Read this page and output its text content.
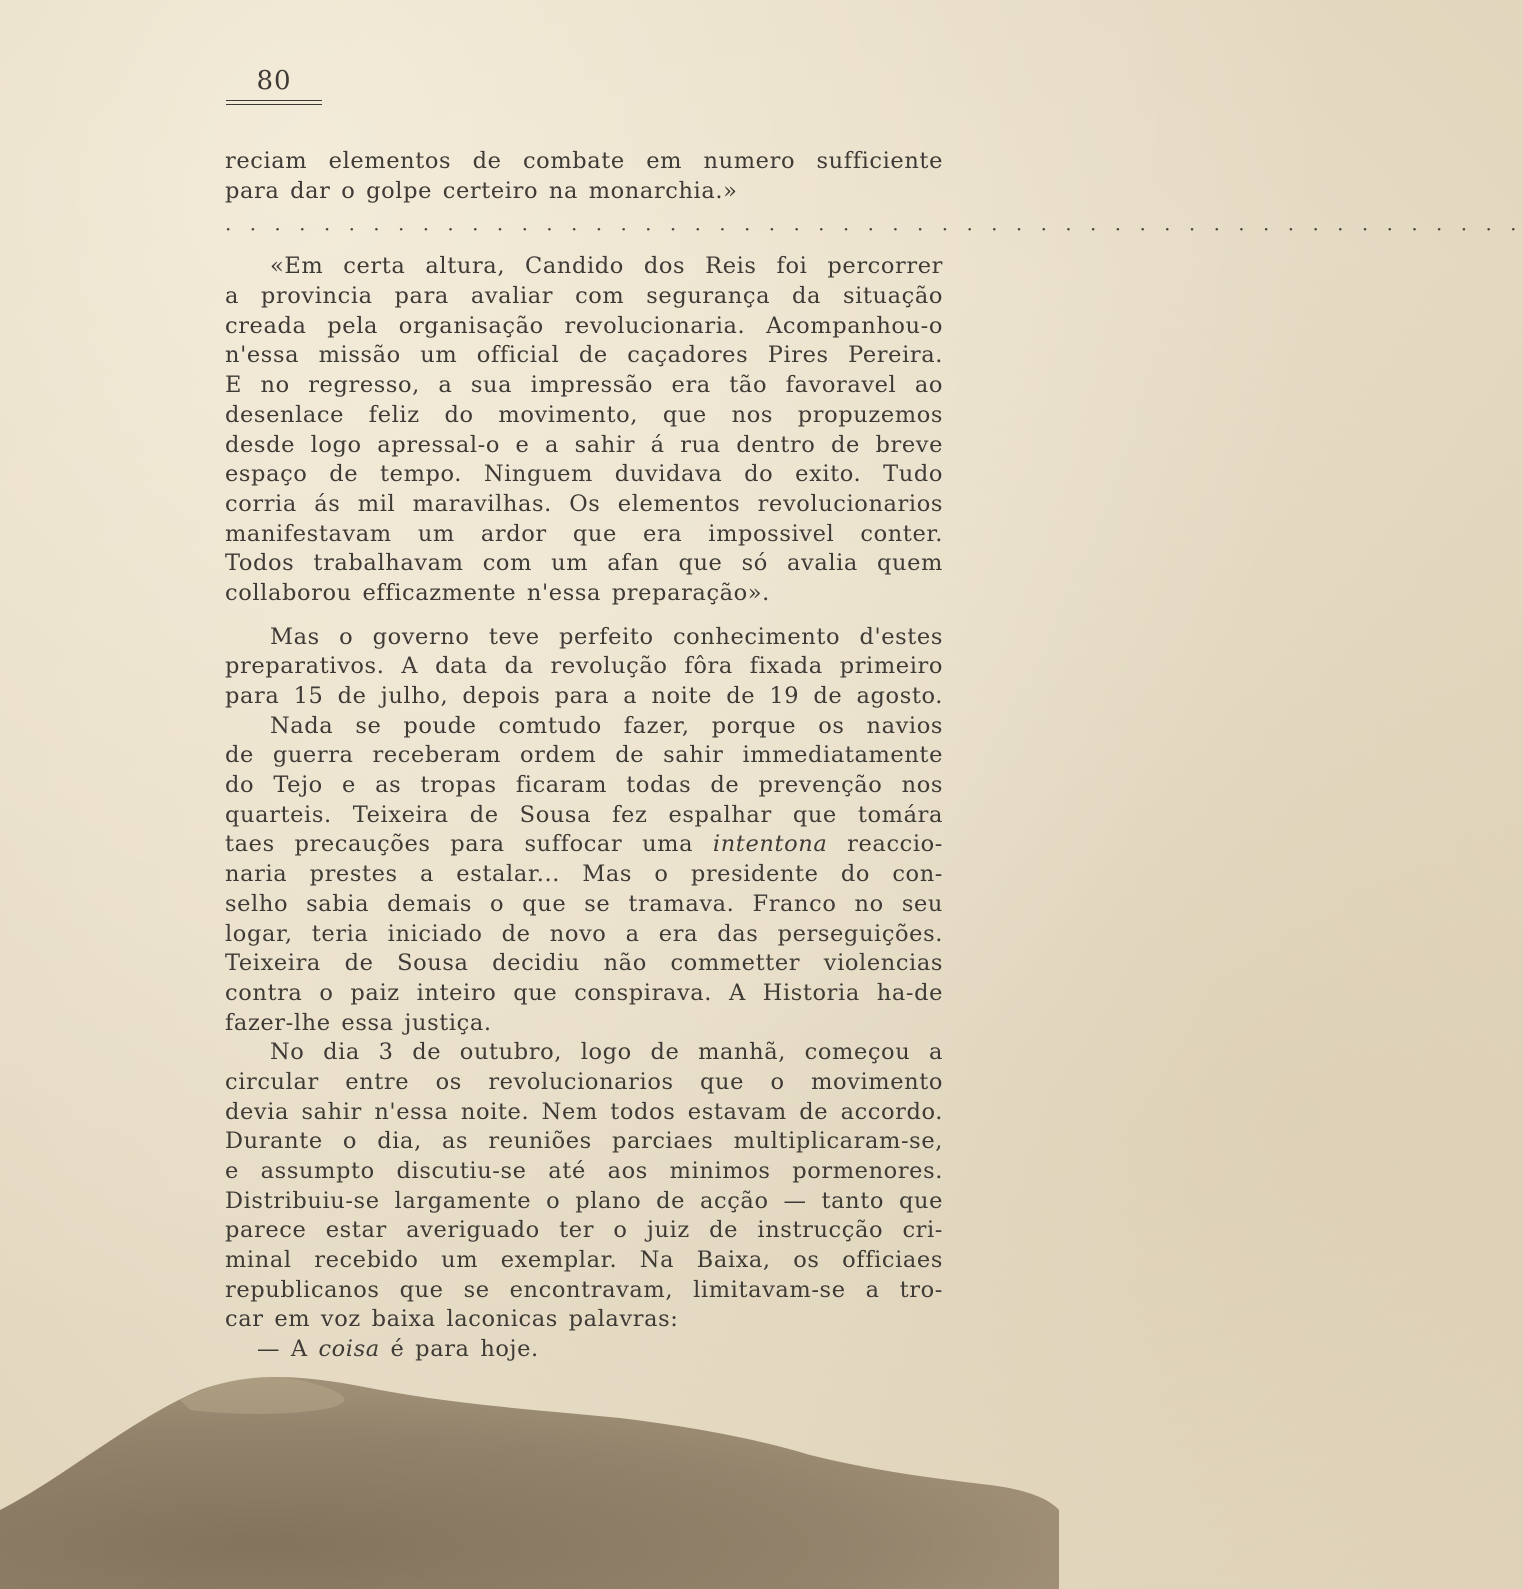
80
reciam elementos de combate em numero sufficiente
para dar o golpe certeiro na monarchia.»
· · · · · · · · · · · · · · · · · · · · · · · · · · · · · · · · · · · · · · · · · · · · · · · · · · · · ·
«Em certa altura, Candido dos Reis foi percorrer
a provincia para avaliar com segurança da situação
creada pela organisação revolucionaria. Acompanhou-o
n'essa missão um official de caçadores Pires Pereira.
E no regresso, a sua impressão era tão favoravel ao
desenlace feliz do movimento, que nos propuzemos
desde logo apressal-o e a sahir á rua dentro de breve
espaço de tempo. Ninguem duvidava do exito. Tudo
corria ás mil maravilhas. Os elementos revolucionarios
manifestavam um ardor que era impossivel conter.
Todos trabalhavam com um afan que só avalia quem
collaborou efficazmente n'essa preparação».
Mas o governo teve perfeito conhecimento d'estes
preparativos. A data da revolução fôra fixada primeiro
para 15 de julho, depois para a noite de 19 de agosto.
Nada se poude comtudo fazer, porque os navios
de guerra receberam ordem de sahir immediatamente
do Tejo e as tropas ficaram todas de prevenção nos
quarteis. Teixeira de Sousa fez espalhar que tomára
taes precauções para suffocar uma intentona reaccio-
naria prestes a estalar... Mas o presidente do con-
selho sabia demais o que se tramava. Franco no seu
logar, teria iniciado de novo a era das perseguições.
Teixeira de Sousa decidiu não commetter violencias
contra o paiz inteiro que conspirava. A Historia ha-de
fazer-lhe essa justiça.
No dia 3 de outubro, logo de manhã, começou a
circular entre os revolucionarios que o movimento
devia sahir n'essa noite. Nem todos estavam de accordo.
Durante o dia, as reuniões parciaes multiplicaram-se,
e assumpto discutiu-se até aos minimos pormenores.
Distribuiu-se largamente o plano de acção — tanto que
parece estar averiguado ter o juiz de instrucção cri-
minal recebido um exemplar. Na Baixa, os officiaes
republicanos que se encontravam, limitavam-se a tro-
car em voz baixa laconicas palavras:
— A coisa é para hoje.
